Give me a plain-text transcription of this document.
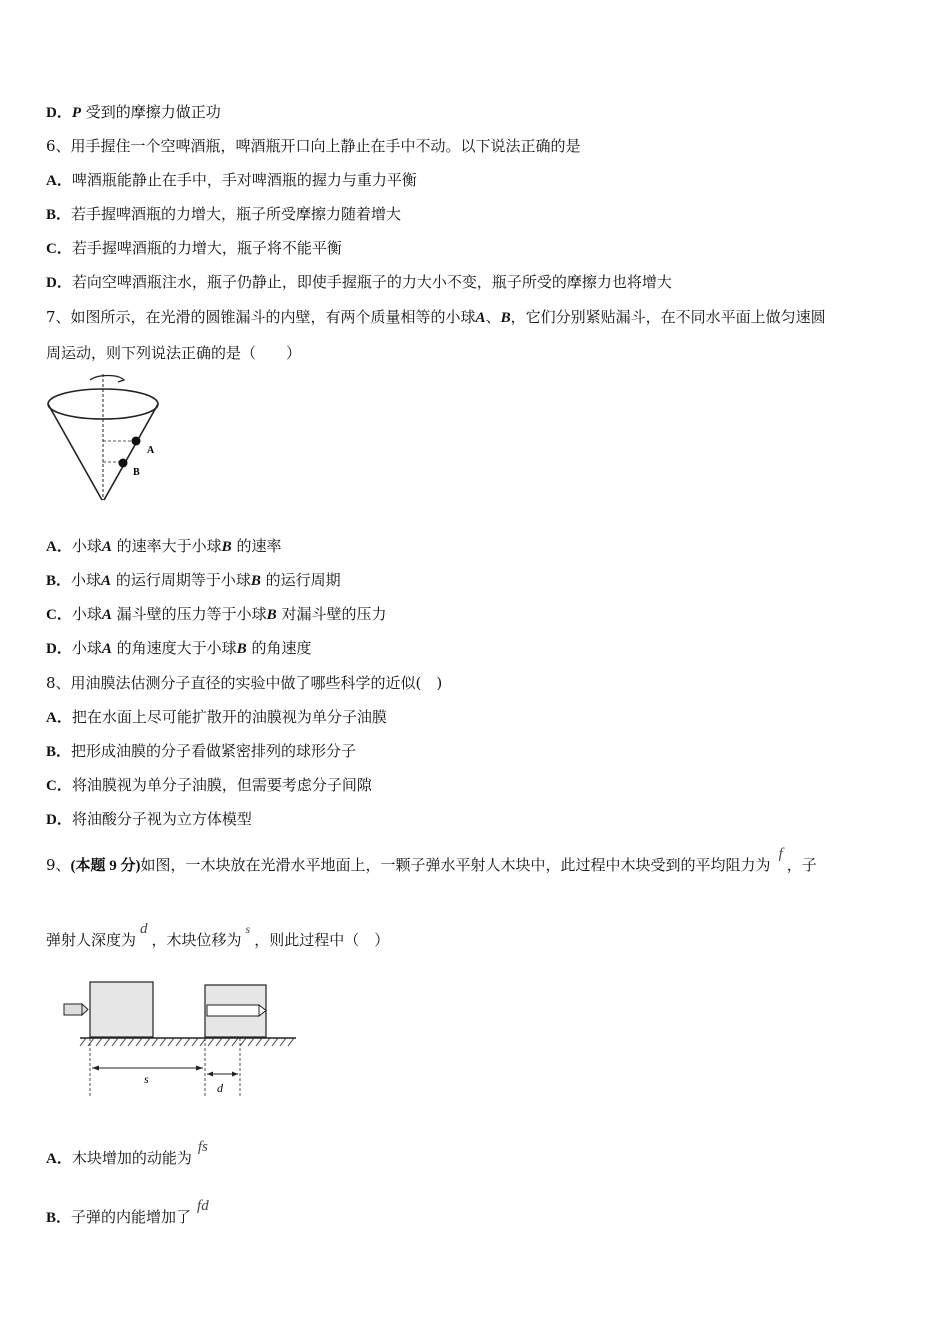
D．P 受到的摩擦力做正功
6、用手握住一个空啤酒瓶，啤酒瓶开口向上静止在手中不动。以下说法正确的是
A．啤酒瓶能静止在手中，手对啤酒瓶的握力与重力平衡
B．若手握啤酒瓶的力增大，瓶子所受摩擦力随着增大
C．若手握啤酒瓶的力增大，瓶子将不能平衡
D．若向空啤酒瓶注水，瓶子仍静止，即使手握瓶子的力大小不变，瓶子所受的摩擦力也将增大
7、如图所示，在光滑的圆锥漏斗的内壁，有两个质量相等的小球A、B，它们分别紧贴漏斗，在不同水平面上做匀速圆
周运动，则下列说法正确的是（　　）
A
B
A．小球A 的速率大于小球B 的速率
B．小球A 的运行周期等于小球B 的运行周期
C．小球A 漏斗壁的压力等于小球B 对漏斗壁的压力
D．小球A 的角速度大于小球B 的角速度
8、用油膜法估测分子直径的实验中做了哪些科学的近似(　)
A．把在水面上尽可能扩散开的油膜视为单分子油膜
B．把形成油膜的分子看做紧密排列的球形分子
C．将油膜视为单分子油膜，但需要考虑分子间隙
D．将油酸分子视为立方体模型
9、(本题 9 分)如图，一木块放在光滑水平地面上，一颗子弹水平射人木块中，此过程中木块受到的平均阻力为f，子
弹射人深度为d，木块位移为$^s$，则此过程中（　）
s
d
A．木块增加的动能为fs
B．子弹的内能增加了fd
